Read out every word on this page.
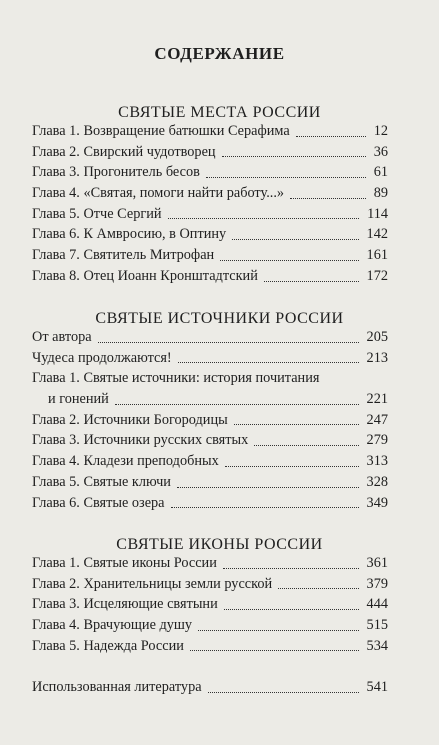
СОДЕРЖАНИЕ
СВЯТЫЕ МЕСТА РОССИИ
Глава 1. Возвращение батюшки Серафима	12
Глава 2. Свирский чудотворец	36
Глава 3. Прогонитель бесов	61
Глава 4. «Святая, помоги найти работу...»	89
Глава 5. Отче Сергий	114
Глава 6. К Амвросию, в Оптину	142
Глава 7. Святитель Митрофан	161
Глава 8. Отец Иоанн Кронштадтский	172
СВЯТЫЕ ИСТОЧНИКИ РОССИИ
От автора	205
Чудеса продолжаются!	213
Глава 1. Святые источники: история почитания
и гонений	221
Глава 2. Источники Богородицы	247
Глава 3. Источники русских святых	279
Глава 4. Кладези преподобных	313
Глава 5. Святые ключи	328
Глава 6. Святые озера	349
СВЯТЫЕ ИКОНЫ РОССИИ
Глава 1. Святые иконы России	361
Глава 2. Хранительницы земли русской	379
Глава 3. Исцеляющие святыни	444
Глава 4. Врачующие душу	515
Глава 5. Надежда России	534
Использованная литература	541
